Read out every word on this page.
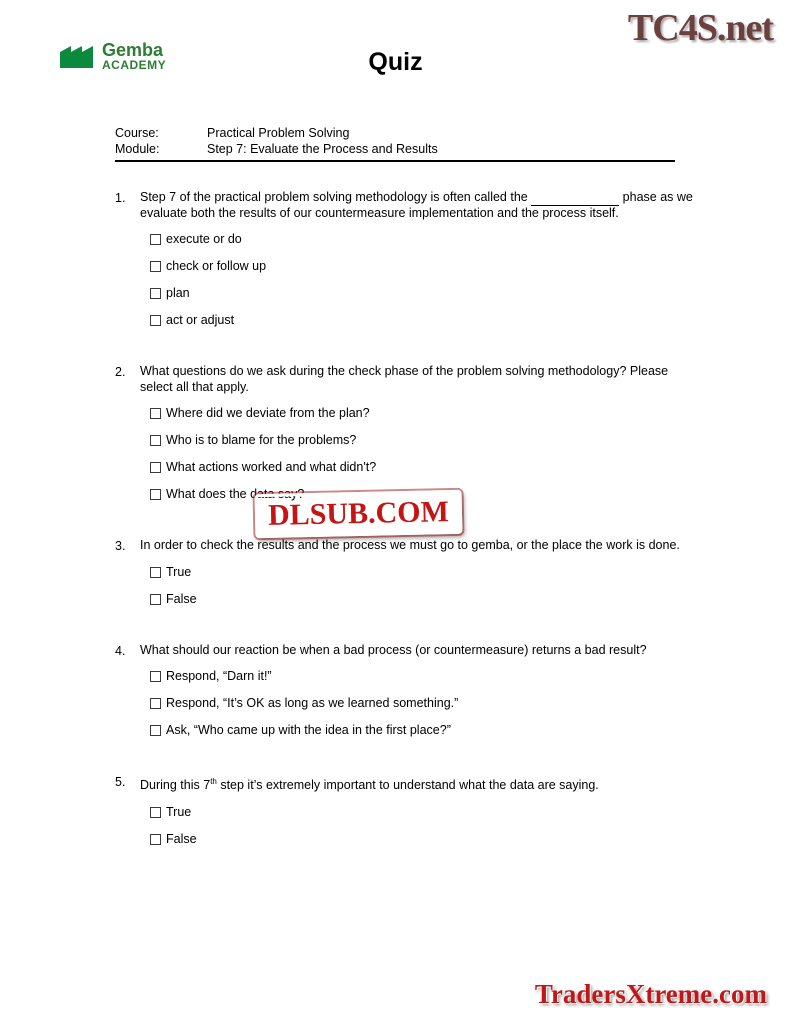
TC4S.net
Gemba
ACADEMY	Quiz
Course:	Practical Problem Solving
Module:	Step 7: Evaluate the Process and Results
1.	Step 7 of the practical problem solving methodology is often called the	phase as we evaluate both the results of our countermeasure implementation and the process itself.
execute or do
check or follow up
plan
act or adjust
2.	What questions do we ask during the check phase of the problem solving methodology? Please select all that apply.
Where did we deviate from the plan?
Who is to blame for the problems?
What actions worked and what didn't?
What does the data say?
3.	In order to check the results and the process we must go to gemba, or the place the work is done.
True
False
4.	What should our reaction be when a bad process (or countermeasure) returns a bad result?
Respond, “Darn it!”
Respond, “It’s OK as long as we learned something.”
Ask, “Who came up with the idea in the first place?”
5.	During this 7th step it’s extremely important to understand what the data are saying.
True
False
DLSUB.COM
TradersXtreme.com
